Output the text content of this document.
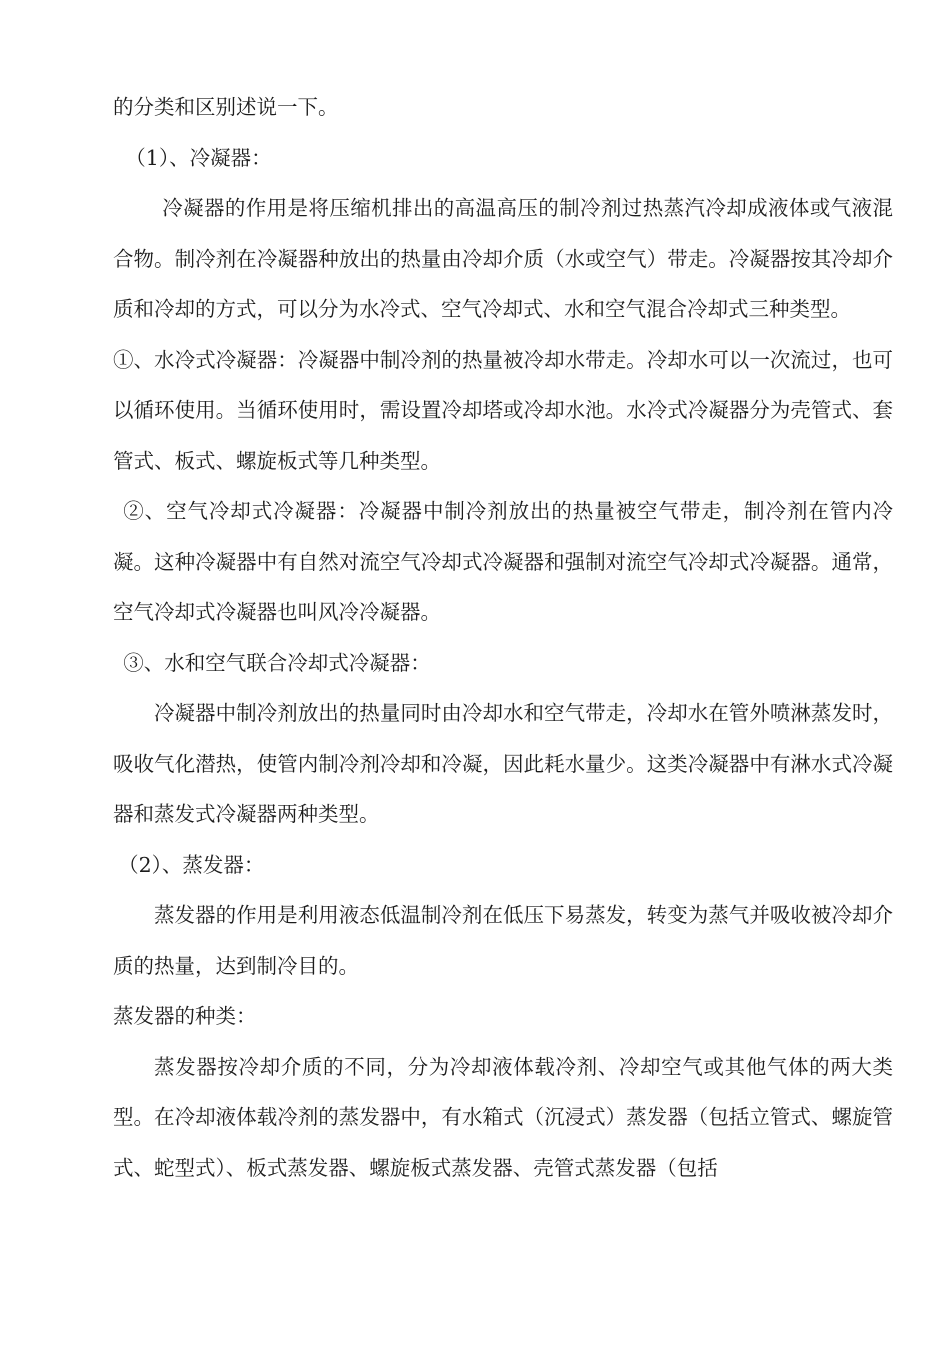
的分类和区别述说一下。

（1）、冷凝器：

冷凝器的作用是将压缩机排出的高温高压的制冷剂过热蒸汽冷却成液体或气液混合物。制冷剂在冷凝器种放出的热量由冷却介质（水或空气）带走。冷凝器按其冷却介质和冷却的方式，可以分为水冷式、空气冷却式、水和空气混合冷却式三种类型。

①、水冷式冷凝器：冷凝器中制冷剂的热量被冷却水带走。冷却水可以一次流过，也可以循环使用。当循环使用时，需设置冷却塔或冷却水池。水冷式冷凝器分为壳管式、套管式、板式、螺旋板式等几种类型。

②、空气冷却式冷凝器：冷凝器中制冷剂放出的热量被空气带走，制冷剂在管内冷凝。这种冷凝器中有自然对流空气冷却式冷凝器和强制对流空气冷却式冷凝器。通常，空气冷却式冷凝器也叫风冷冷凝器。

③、水和空气联合冷却式冷凝器：

冷凝器中制冷剂放出的热量同时由冷却水和空气带走，冷却水在管外喷淋蒸发时，吸收气化潜热，使管内制冷剂冷却和冷凝，因此耗水量少。这类冷凝器中有淋水式冷凝器和蒸发式冷凝器两种类型。

（2）、蒸发器：

蒸发器的作用是利用液态低温制冷剂在低压下易蒸发，转变为蒸气并吸收被冷却介质的热量，达到制冷目的。

蒸发器的种类：

蒸发器按冷却介质的不同，分为冷却液体载冷剂、冷却空气或其他气体的两大类型。在冷却液体载冷剂的蒸发器中，有水箱式（沉浸式）蒸发器（包括立管式、螺旋管式、蛇型式）、板式蒸发器、螺旋板式蒸发器、壳管式蒸发器（包括
